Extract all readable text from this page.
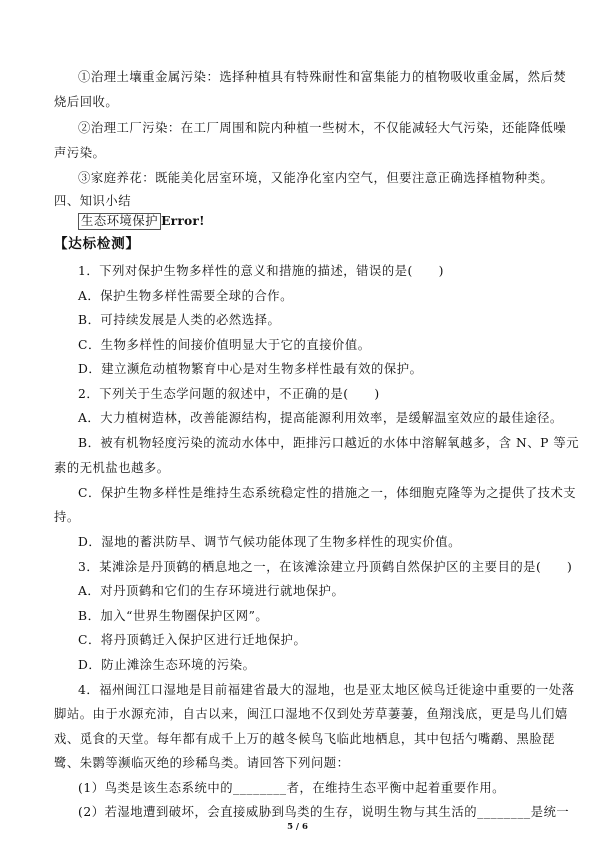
①治理土壤重金属污染：选择种植具有特殊耐性和富集能力的植物吸收重金属，然后焚
烧后回收。
②治理工厂污染：在工厂周围和院内种植一些树木，不仅能减轻大气污染，还能降低噪
声污染。
③家庭养花：既能美化居室环境，又能净化室内空气，但要注意正确选择植物种类。
四、知识小结
生态环境保护 Error!
【达标检测】
1．下列对保护生物多样性的意义和措施的描述，错误的是(　　)
A．保护生物多样性需要全球的合作。
B．可持续发展是人类的必然选择。
C．生物多样性的间接价值明显大于它的直接价值。
D．建立濒危动植物繁育中心是对生物多样性最有效的保护。
2．下列关于生态学问题的叙述中，不正确的是(　　)
A．大力植树造林，改善能源结构，提高能源利用效率，是缓解温室效应的最佳途径。
B．被有机物轻度污染的流动水体中，距排污口越近的水体中溶解氧越多，含 N、P 等元
素的无机盐也越多。
C．保护生物多样性是维持生态系统稳定性的措施之一，体细胞克隆等为之提供了技术支
持。
D．湿地的蓄洪防旱、调节气候功能体现了生物多样性的现实价值。
3．某滩涂是丹顶鹤的栖息地之一，在该滩涂建立丹顶鹤自然保护区的主要目的是(　　)
A．对丹顶鹤和它们的生存环境进行就地保护。
B．加入“世界生物圈保护区网”。
C．将丹顶鹤迁入保护区进行迁地保护。
D．防止滩涂生态环境的污染。
4．福州闽江口湿地是目前福建省最大的湿地，也是亚太地区候鸟迁徙途中重要的一处落
脚站。由于水源充沛，自古以来，闽江口湿地不仅到处芳草萋萋，鱼翔浅底，更是鸟儿们嬉
戏、觅食的天堂。每年都有成千上万的越冬候鸟飞临此地栖息，其中包括勺嘴鹬、黑脸琵
鹭、朱鹮等濒临灭绝的珍稀鸟类。请回答下列问题：
(1）鸟类是该生态系统中的________者，在维持生态平衡中起着重要作用。
(2）若湿地遭到破坏，会直接威胁到鸟类的生存，说明生物与其生活的________是统一
5 / 6
